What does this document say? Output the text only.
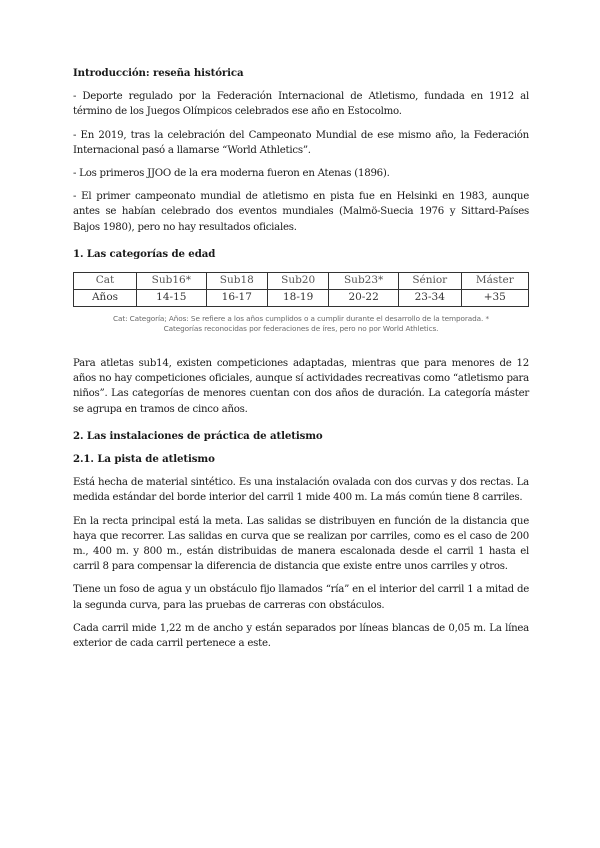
Introducción: reseña histórica

- Deporte regulado por la Federación Internacional de Atletismo, fundada en 1912 al término de los Juegos Olímpicos celebrados ese año en Estocolmo.

- En 2019, tras la celebración del Campeonato Mundial de ese mismo año, la Federación Internacional pasó a llamarse “World Athletics”.

- Los primeros JJOO de la era moderna fueron en Atenas (1896).

- El primer campeonato mundial de atletismo en pista fue en Helsinki en 1983, aunque antes se habían celebrado dos eventos mundiales (Malmö-Suecia 1976 y Sittard-Países Bajos 1980), pero no hay resultados oficiales.

1. Las categorías de edad
Cat	Sub16*	Sub18	Sub20	Sub23*	Sénior	Máster
Años	14-15	16-17	18-19	20-22	23-34	+35
Cat: Categoría; Años: Se refiere a los años cumplidos o a cumplir durante el desarrollo de la temporada. *
Categorías reconocidas por federaciones de íres, pero no por World Athletics.

Para atletas sub14, existen competiciones adaptadas, mientras que para menores de 12 años no hay competiciones oficiales, aunque sí actividades recreativas como “atletismo para niños”. Las categorías de menores cuentan con dos años de duración. La categoría máster se agrupa en tramos de cinco años.

2. Las instalaciones de práctica de atletismo
2.1. La pista de atletismo

Está hecha de material sintético. Es una instalación ovalada con dos curvas y dos rectas. La medida estándar del borde interior del carril 1 mide 400 m. La más común tiene 8 carriles.

En la recta principal está la meta. Las salidas se distribuyen en función de la distancia que haya que recorrer. Las salidas en curva que se realizan por carriles, como es el caso de 200 m., 400 m. y 800 m., están distribuidas de manera escalonada desde el carril 1 hasta el carril 8 para compensar la diferencia de distancia que existe entre unos carriles y otros.

Tiene un foso de agua y un obstáculo fijo llamados “ría” en el interior del carril 1 a mitad de la segunda curva, para las pruebas de carreras con obstáculos.

Cada carril mide 1,22 m de ancho y están separados por líneas blancas de 0,05 m. La línea exterior de cada carril pertenece a este.
